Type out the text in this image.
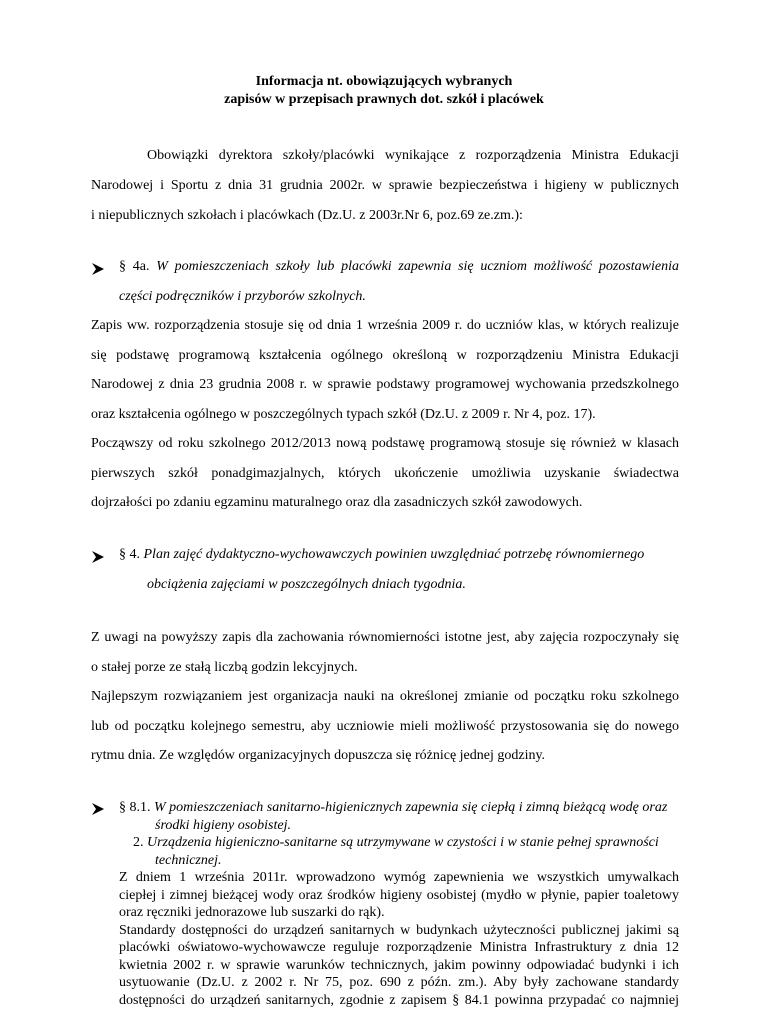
Informacja nt. obowiązujących wybranych
zapisów w przepisach prawnych dot. szkół i placówek
Obowiązki dyrektora szkoły/placówki wynikające z rozporządzenia Ministra Edukacji
Narodowej i Sportu z dnia 31 grudnia 2002r. w sprawie bezpieczeństwa i higieny w publicznych
i niepublicznych szkołach i placówkach (Dz.U. z 2003r.Nr 6, poz.69 ze.zm.):
§ 4a. W pomieszczeniach szkoły lub placówki zapewnia się uczniom możliwość pozostawienia
części podręczników i przyborów szkolnych.
Zapis ww. rozporządzenia stosuje się od dnia 1 września 2009 r. do uczniów klas, w których realizuje
się podstawę programową kształcenia ogólnego określoną w rozporządzeniu Ministra Edukacji
Narodowej z dnia 23 grudnia 2008 r. w sprawie podstawy programowej wychowania przedszkolnego
oraz kształcenia ogólnego w poszczególnych typach szkół (Dz.U. z 2009 r. Nr 4, poz. 17).
Począwszy od roku szkolnego 2012/2013 nową podstawę programową stosuje się również w klasach
pierwszych szkół ponadgimazjalnych, których ukończenie umożliwia uzyskanie świadectwa
dojrzałości po zdaniu egzaminu maturalnego oraz dla zasadniczych szkół zawodowych.
§ 4. Plan zajęć dydaktyczno-wychowawczych powinien uwzględniać potrzebę równomiernego
obciążenia zajęciami w poszczególnych dniach tygodnia.
Z uwagi na powyższy zapis dla zachowania równomierności istotne jest, aby zajęcia rozpoczynały się
o stałej porze ze stałą liczbą godzin lekcyjnych.
Najlepszym rozwiązaniem jest organizacja nauki na określonej zmianie od początku roku szkolnego
lub od początku kolejnego semestru, aby uczniowie mieli możliwość przystosowania się do nowego
rytmu dnia. Ze względów organizacyjnych dopuszcza się różnicę jednej godziny.
§ 8.1. W pomieszczeniach sanitarno-higienicznych zapewnia się ciepłą i zimną bieżącą wodę oraz
środki higieny osobistej.
2. Urządzenia higieniczno-sanitarne są utrzymywane w czystości i w stanie pełnej sprawności
technicznej.
Z dniem 1 września 2011r. wprowadzono wymóg zapewnienia we wszystkich umywalkach
ciepłej i zimnej bieżącej wody oraz środków higieny osobistej (mydło w płynie, papier toaletowy
oraz ręczniki jednorazowe lub suszarki do rąk).
Standardy dostępności do urządzeń sanitarnych w budynkach użyteczności publicznej jakimi są
placówki oświatowo-wychowawcze reguluje rozporządzenie Ministra Infrastruktury z dnia 12
kwietnia 2002 r. w sprawie warunków technicznych, jakim powinny odpowiadać budynki i ich
usytuowanie (Dz.U. z 2002 r. Nr 75, poz. 690 z późn. zm.). Aby były zachowane standardy
dostępności do urządzeń sanitarnych, zgodnie z zapisem § 84.1 powinna przypadać co najmniej
